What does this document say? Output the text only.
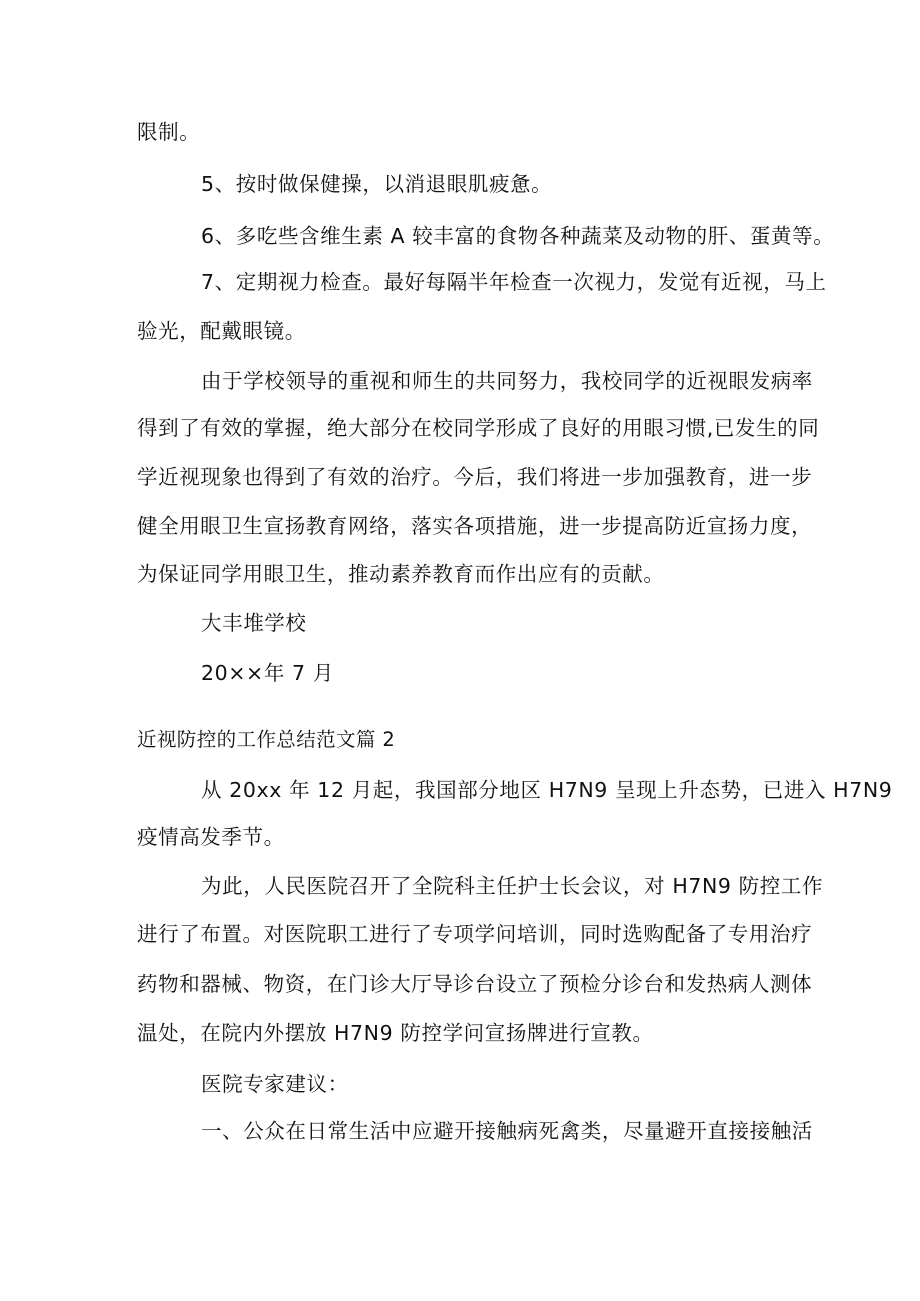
限制。
5、按时做保健操，以消退眼肌疲惫。
6、多吃些含维生素 A 较丰富的食物各种蔬菜及动物的肝、蛋黄等。
7、定期视力检查。最好每隔半年检查一次视力，发觉有近视，马上
验光，配戴眼镜。
由于学校领导的重视和师生的共同努力，我校同学的近视眼发病率
得到了有效的掌握，绝大部分在校同学形成了良好的用眼习惯,已发生的同
学近视现象也得到了有效的治疗。今后，我们将进一步加强教育，进一步
健全用眼卫生宣扬教育网络，落实各项措施，进一步提高防近宣扬力度，
为保证同学用眼卫生，推动素养教育而作出应有的贡献。
大丰堆学校
20××年 7 月
近视防控的工作总结范文篇 2
从 20xx 年 12 月起，我国部分地区 H7N9 呈现上升态势，已进入 H7N9
疫情高发季节。
为此，人民医院召开了全院科主任护士长会议，对 H7N9 防控工作
进行了布置。对医院职工进行了专项学问培训，同时选购配备了专用治疗
药物和器械、物资，在门诊大厅导诊台设立了预检分诊台和发热病人测体
温处，在院内外摆放 H7N9 防控学问宣扬牌进行宣教。
医院专家建议：
一、公众在日常生活中应避开接触病死禽类，尽量避开直接接触活
